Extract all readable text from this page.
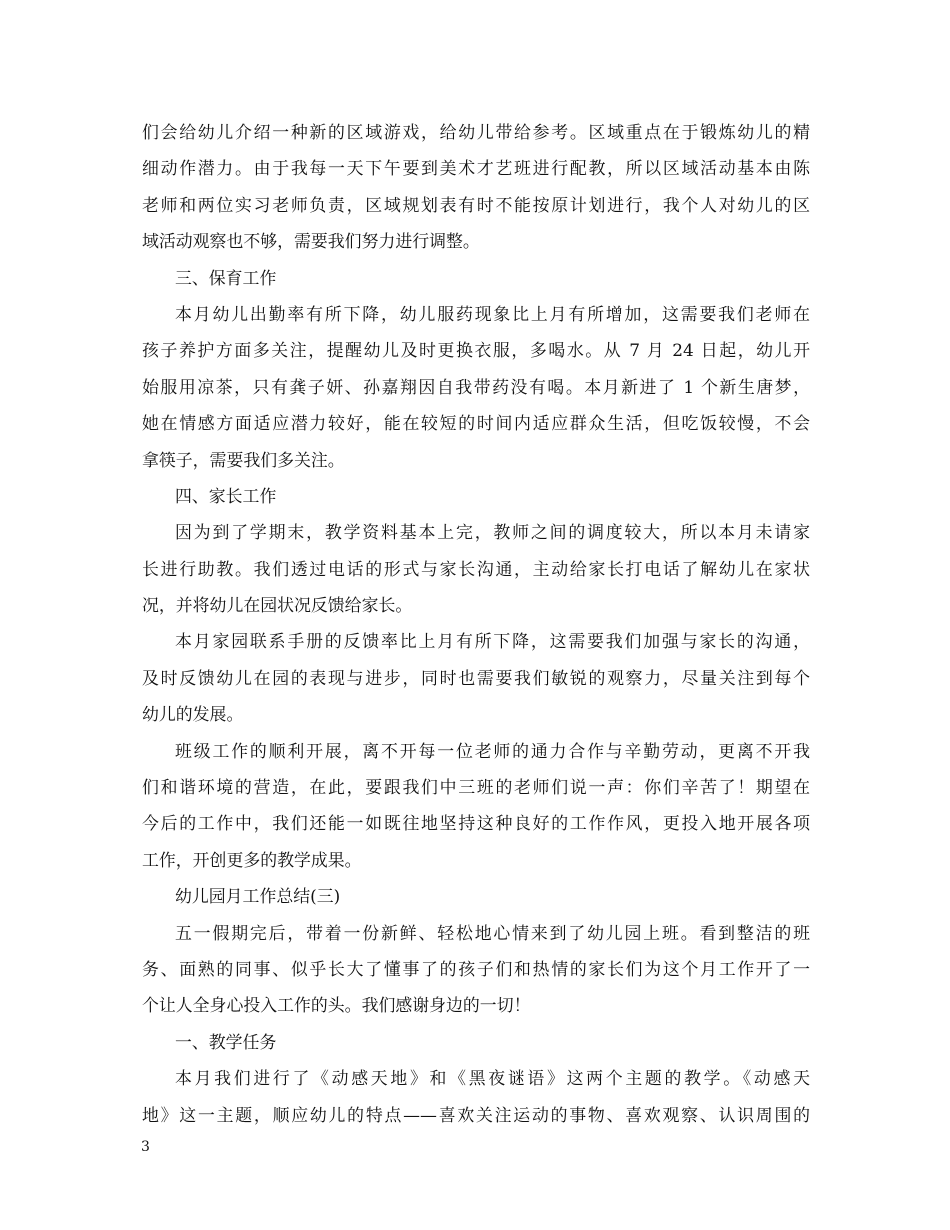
们会给幼儿介绍一种新的区域游戏，给幼儿带给参考。区域重点在于锻炼幼儿的精
细动作潜力。由于我每一天下午要到美术才艺班进行配教，所以区域活动基本由陈
老师和两位实习老师负责，区域规划表有时不能按原计划进行，我个人对幼儿的区
域活动观察也不够，需要我们努力进行调整。
三、保育工作
本月幼儿出勤率有所下降，幼儿服药现象比上月有所增加，这需要我们老师在
孩子养护方面多关注，提醒幼儿及时更换衣服，多喝水。从 7 月 24 日起，幼儿开
始服用凉茶，只有龚子妍、孙嘉翔因自我带药没有喝。本月新进了 1 个新生唐梦，
她在情感方面适应潜力较好，能在较短的时间内适应群众生活，但吃饭较慢，不会
拿筷子，需要我们多关注。
四、家长工作
因为到了学期末，教学资料基本上完，教师之间的调度较大，所以本月未请家
长进行助教。我们透过电话的形式与家长沟通，主动给家长打电话了解幼儿在家状
况，并将幼儿在园状况反馈给家长。
本月家园联系手册的反馈率比上月有所下降，这需要我们加强与家长的沟通，
及时反馈幼儿在园的表现与进步，同时也需要我们敏锐的观察力，尽量关注到每个
幼儿的发展。
班级工作的顺利开展，离不开每一位老师的通力合作与辛勤劳动，更离不开我
们和谐环境的营造，在此，要跟我们中三班的老师们说一声：你们辛苦了！期望在
今后的工作中，我们还能一如既往地坚持这种良好的工作作风，更投入地开展各项
工作，开创更多的教学成果。
幼儿园月工作总结(三)
五一假期完后，带着一份新鲜、轻松地心情来到了幼儿园上班。看到整洁的班
务、面熟的同事、似乎长大了懂事了的孩子们和热情的家长们为这个月工作开了一
个让人全身心投入工作的头。我们感谢身边的一切！
一、教学任务
本月我们进行了《动感天地》和《黑夜谜语》这两个主题的教学。《动感天
地》这一主题，顺应幼儿的特点——喜欢关注运动的事物、喜欢观察、认识周围的
3
